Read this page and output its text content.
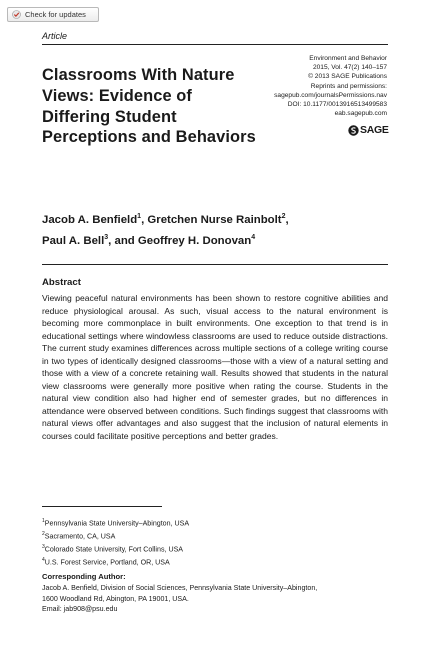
Check for updates
Article
Classrooms With Nature Views: Evidence of Differing Student Perceptions and Behaviors
Environment and Behavior
2015, Vol. 47(2) 140–157
© 2013 SAGE Publications
Reprints and permissions:
sagepub.com/journalsPermissions.nav
DOI: 10.1177/0013916513499583
eab.sagepub.com
SAGE
Jacob A. Benfield$^1$, Gretchen Nurse Rainbolt$^2$,
Paul A. Bell$^3$, and Geoffrey H. Donovan$^4$
Abstract
Viewing peaceful natural environments has been shown to restore cognitive abilities and reduce physiological arousal. As such, visual access to the natural environment is becoming more commonplace in built environments. One exception to that trend is in educational settings where windowless classrooms are used to reduce outside distractions. The current study examines differences across multiple sections of a college writing course in two types of identically designed classrooms—those with a view of a natural setting and those with a view of a concrete retaining wall. Results showed that students in the natural view classrooms were generally more positive when rating the course. Students in the natural view condition also had higher end of semester grades, but no differences in attendance were observed between conditions. Such findings suggest that classrooms with natural views offer advantages and also suggest that the inclusion of natural elements in courses could facilitate positive perceptions and better grades.
$^1$Pennsylvania State University–Abington, USA
$^2$Sacramento, CA, USA
$^3$Colorado State University, Fort Collins, USA
$^4$U.S. Forest Service, Portland, OR, USA
Corresponding Author:
Jacob A. Benfield, Division of Social Sciences, Pennsylvania State University–Abington,
1600 Woodland Rd, Abington, PA 19001, USA.
Email: jab908@psu.edu
